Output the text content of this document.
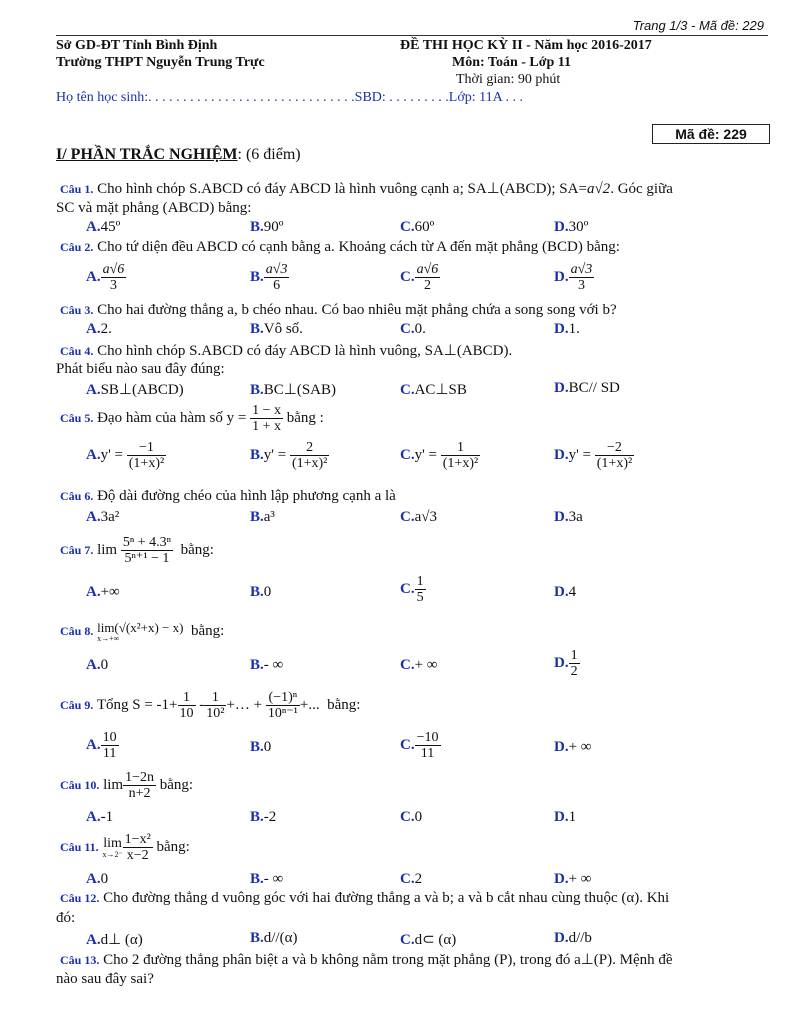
Trang 1/3 - Mã đề: 229
Sở GD-ĐT Tỉnh Bình Định
Trường THPT Nguyễn Trung Trực
ĐỀ THI HỌC KỲ II - Năm học 2016-2017
Môn: Toán - Lớp 11
Thời gian: 90 phút
Họ tên học sinh:. . . . . . . . . . . . . . . . . . . . . . . . . . . . . .SBD: . . . . . . . . .Lớp: 11A . . .
Mã đề: 229
I/ PHẦN TRẮC NGHIỆM: (6 điểm)
Câu 1. Cho hình chóp S.ABCD có đáy ABCD là hình vuông cạnh a; SA⊥(ABCD); SA=a√2. Góc giữa
SC và mặt phẳng (ABCD) bằng:
A.45º	B.90º	C.60º	D.30º
Câu 2. Cho tứ diện đều ABCD có cạnh bằng a. Khoảng cách từ A đến mặt phẳng (BCD) bằng:
A. $\frac{a√6}{3}$	B. $\frac{a√3}{6}$	C. $\frac{a√6}{2}$	D. $\frac{a√3}{3}$
Câu 3. Cho hai đường thẳng a, b chéo nhau. Có bao nhiêu mặt phẳng chứa a song song với b?
A.2.	B.Vô số.	C.0.	D.1.
Câu 4. Cho hình chóp S.ABCD có đáy ABCD là hình vuông, SA⊥(ABCD).
Phát biểu nào sau đây đúng:
A.SB⊥(ABCD)	B.BC⊥(SAB)	C.AC⊥SB	D.BC// SD
Câu 5. Đạo hàm của hàm số $y = \frac{1 - x}{1 + x}$ bằng :
$A.y' = \frac{-1}{\text{(1+x)²}}$	$B.y' = \frac{2}{\text{(1+x)²}}$	$C.y' = \frac{1}{\text{(1+x)²}}$	$D.y' = \frac{-2}{\text{(1+x)²}}$
Câu 6. Độ dài đường chéo của hình lập phương cạnh a là
A.3a²	B.a³	C.a√3	D.3a
Câu 7. $\lim \frac{\text{5ⁿ + 4.3ⁿ}}{\text{5ⁿ⁺¹ − 1}}$ bằng:
A.+∞	B.0	C. $\frac{1}{5}$	D.4
Câu 8. lim(√(x²+x) − x)
x→+∞	bằng:
A.0	B.- ∞	C.+ ∞	D. $\frac{1}{2}$
Câu 9. Tổng $S = -1+ \frac{1}{10} - \frac{1}{\text{10²}}$ +… + $\frac{\text{(−1)ⁿ}}{\text{10ⁿ⁻¹}}$ +... bằng:
A. $\frac{10}{11}$	B.0	C. $\frac{-10}{11}$	D.+ ∞
Câu 10. $\lim \frac{1-2n}{n+2}$ bằng:
A.-1	B.-2	C.0	D.1
Câu 11. lim
$x\to 2^- \frac{\text{1−x²}}{x-2}$ bằng:
A.0	B.- ∞	C.2	D.+ ∞
Câu 12. Cho đường thẳng d vuông góc với hai đường thẳng a và b; a và b cắt nhau cùng thuộc (α). Khi
đó:
A.d⊥ (α)	B.d//(α)	C.d⊂ (α)	D.d//b
Câu 13. Cho 2 đường thẳng phân biệt a và b không nằm trong mặt phẳng (P), trong đó a⊥(P). Mệnh đề
nào sau đây sai?
